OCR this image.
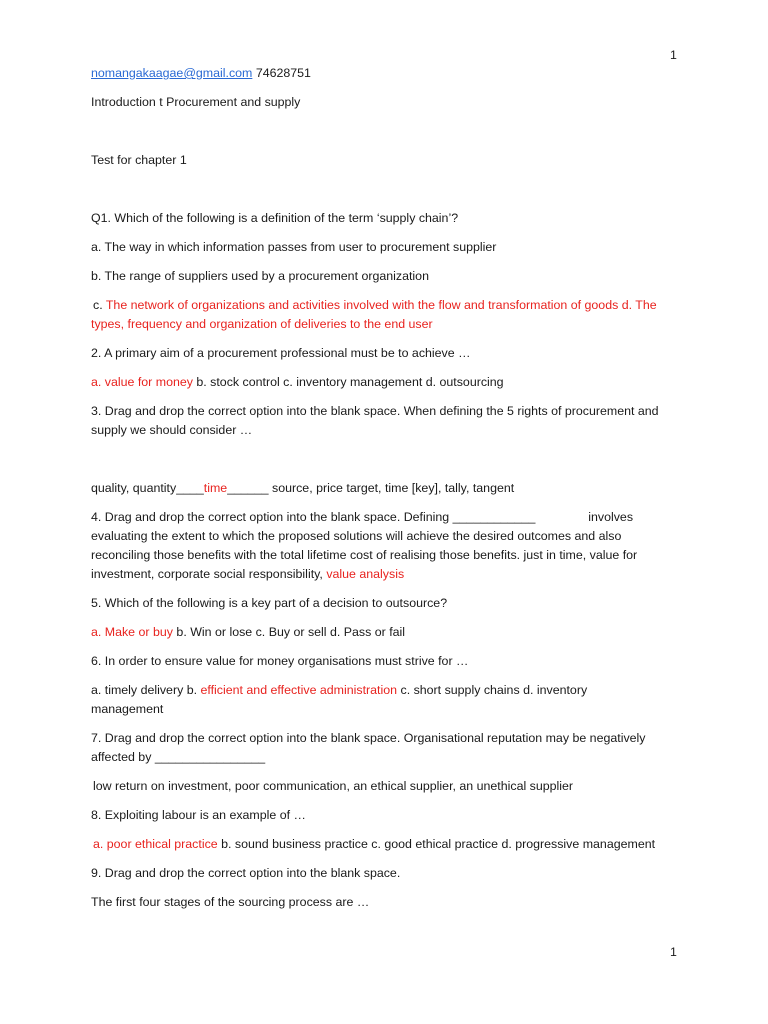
1

nomangakaagae@gmail.com 74628751

Introduction t Procurement and supply

Test for chapter 1

Q1. Which of the following is a definition of the term ‘supply chain’?

a. The way in which information passes from user to procurement supplier

b. The range of suppliers used by a procurement organization

c. The network of organizations and activities involved with the flow and transformation of goods d. The

types, frequency and organization of deliveries to the end user

2. A primary aim of a procurement professional must be to achieve …

a. value for money b. stock control c. inventory management d. outsourcing

3. Drag and drop the correct option into the blank space. When defining the 5 rights of procurement and

supply we should consider …

quality, quantity____time______ source, price target, time [key], tally, tangent

4. Drag and drop the correct option into the blank space. Defining ____________	involves

evaluating the extent to which the proposed solutions will achieve the desired outcomes and also

reconciling those benefits with the total lifetime cost of realising those benefits. just in time, value for

investment, corporate social responsibility, value analysis

5. Which of the following is a key part of a decision to outsource?

a. Make or buy b. Win or lose c. Buy or sell d. Pass or fail

6. In order to ensure value for money organisations must strive for …

a. timely delivery b. efficient and effective administration c. short supply chains d. inventory

management

7. Drag and drop the correct option into the blank space. Organisational reputation may be negatively

affected by ________________

low return on investment, poor communication, an ethical supplier, an unethical supplier

8. Exploiting labour is an example of …

a. poor ethical practice b. sound business practice c. good ethical practice d. progressive management

9. Drag and drop the correct option into the blank space.

The first four stages of the sourcing process are …

1
